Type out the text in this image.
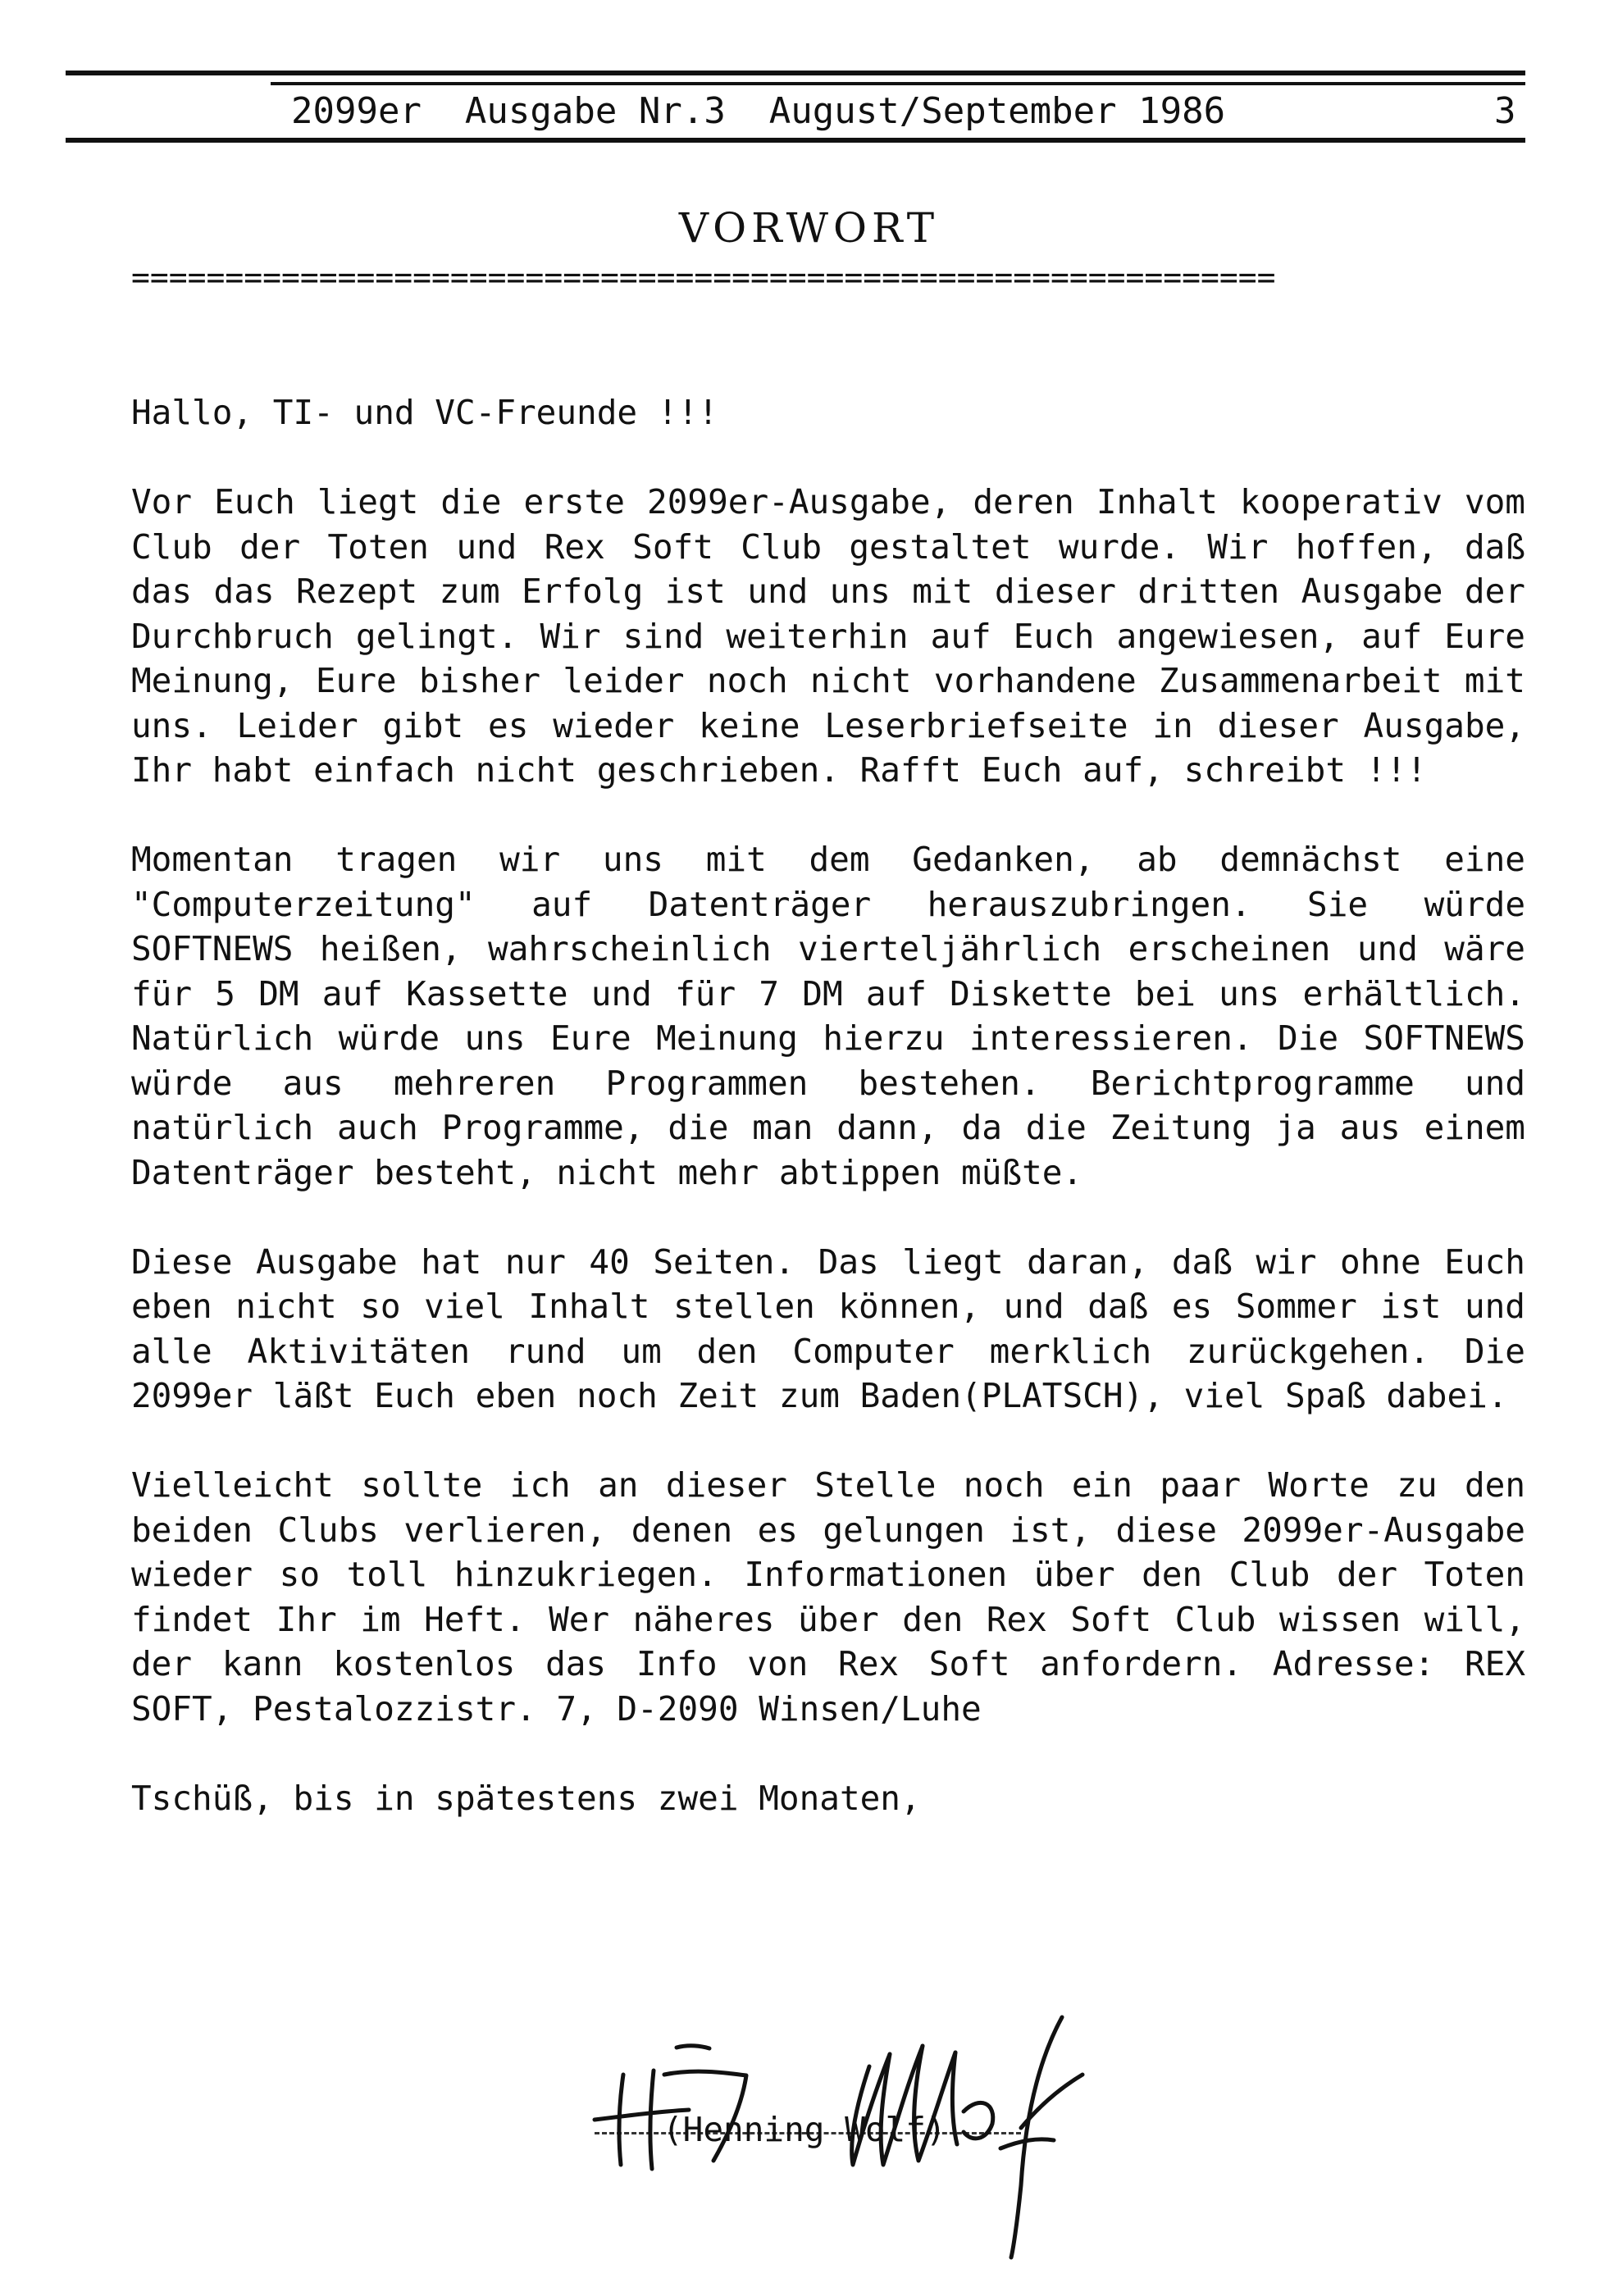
2099er  Ausgabe Nr.3  August/September 1986	3
VORWORT
=============================================================

Hallo, TI- und VC-Freunde !!!

Vor Euch liegt die erste 2099er-Ausgabe, deren Inhalt kooperativ vom Club der Toten und Rex Soft Club gestaltet wurde. Wir hoffen, daß das das Rezept zum Erfolg ist und uns mit dieser dritten Ausgabe der Durchbruch gelingt. Wir sind weiterhin auf Euch angewiesen, auf Eure Meinung, Eure bisher leider noch nicht vorhandene Zusammenarbeit mit uns. Leider gibt es wieder keine Leserbriefseite in dieser Ausgabe, Ihr habt einfach nicht geschrieben. Rafft Euch auf, schreibt !!!

Momentan tragen wir uns mit dem Gedanken, ab demnächst eine "Computerzeitung" auf Datenträger herauszubringen. Sie würde SOFTNEWS heißen, wahrscheinlich vierteljährlich erscheinen und wäre für 5 DM auf Kassette und für 7 DM auf Diskette bei uns erhältlich. Natürlich würde uns Eure Meinung hierzu interessieren. Die SOFTNEWS würde aus mehreren Programmen bestehen. Berichtprogramme und natürlich auch Programme, die man dann, da die Zeitung ja aus einem Datenträger besteht, nicht mehr abtippen müßte.

Diese Ausgabe hat nur 40 Seiten. Das liegt daran, daß wir ohne Euch eben nicht so viel Inhalt stellen können, und daß es Sommer ist und alle Aktivitäten rund um den Computer merklich zurückgehen. Die 2099er läßt Euch eben noch Zeit zum Baden(PLATSCH), viel Spaß dabei.

Vielleicht sollte ich an dieser Stelle noch ein paar Worte zu den beiden Clubs verlieren, denen es gelungen ist, diese 2099er-Ausgabe wieder so toll hinzukriegen. Informationen über den Club der Toten findet Ihr im Heft. Wer näheres über den Rex Soft Club wissen will, der kann kostenlos das Info von Rex Soft anfordern. Adresse: REX SOFT, Pestalozzistr. 7, D-2090 Winsen/Luhe

Tschüß, bis in spätestens zwei Monaten,

(Henning Wolf)
